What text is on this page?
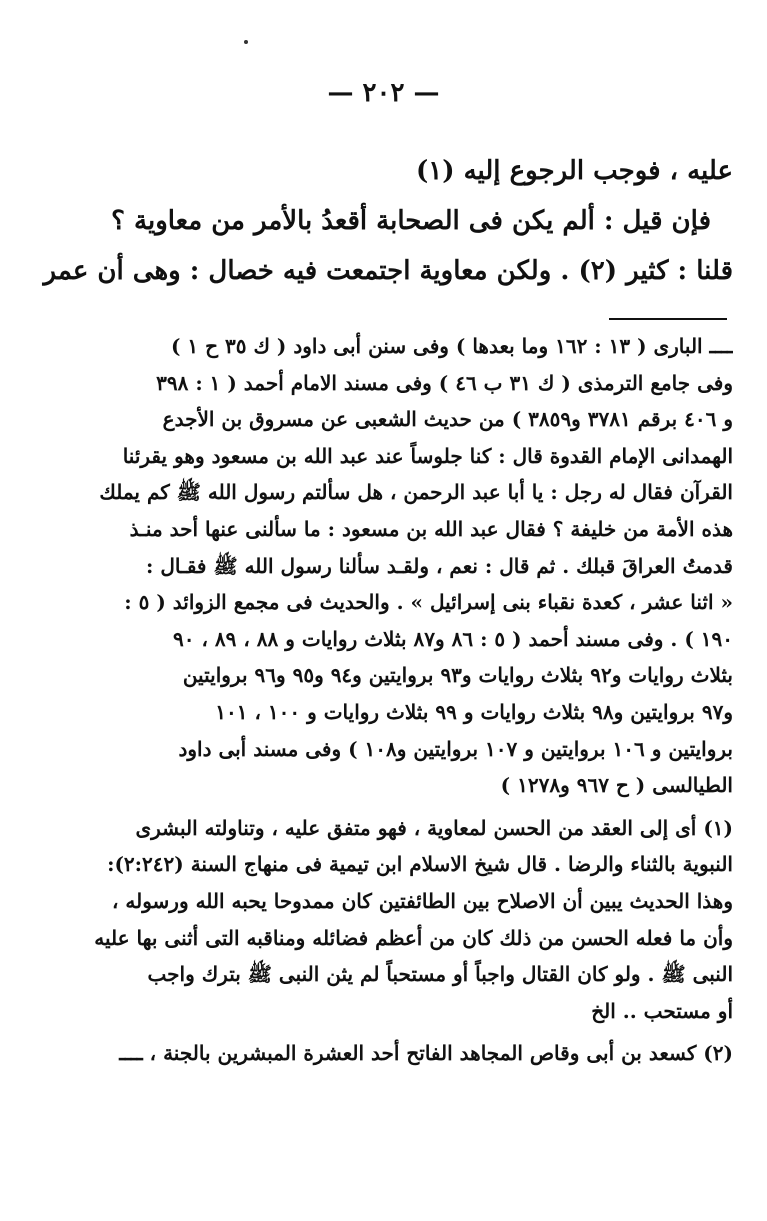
— ٢٠٢ —
عليه ، فوجب الرجوع إليه (١)
فإن قيل : ألم يكن فى الصحابة أقعدُ بالأمر من معاوية ؟
قلنا : كثير (٢) . ولكن معاوية اجتمعت فيه خصال : وهى أن عمر
ــــ البارى ( ١٣ : ١٦٢ وما بعدها ) وفى سنن أبى داود ( ك ٣٥ ح ١ )
وفى جامع الترمذى ( ك ٣١ ب ٤٦ ) وفى مسند الامام أحمد ( ١ : ٣٩٨
و ٤٠٦ برقم ٣٧٨١ و٣٨٥٩ ) من حديث الشعبى عن مسروق بن الأجدع
الهمدانى الإمام القدوة قال : كنا جلوساً عند عبد الله بن مسعود وهو يقرئنا
القرآن فقال له رجل : يا أبا عبد الرحمن ، هل سألتم رسول الله ﷺ كم يملك
هذه الأمة من خليفة ؟ فقال عبد الله بن مسعود : ما سألنى عنها أحد منـذ
قدمتُ العراقَ قبلك . ثم قال : نعم ، ولقـد سألنا رسول الله ﷺ فقـال :
« اثنا عشر ، كعدة نقباء بنى إسرائيل » . والحديث فى مجمع الزوائد ( ٥ :
١٩٠ ) . وفى مسند أحمد ( ٥ : ٨٦ و٨٧ بثلاث روايات و ٨٨ ، ٨٩ ، ٩٠
بثلاث روايات و٩٢ بثلاث روايات و٩٣ بروايتين و٩٤ و٩٥ و٩٦ بروايتين
و٩٧ بروايتين و٩٨ بثلاث روايات و ٩٩ بثلاث روايات و ١٠٠ ، ١٠١
بروايتين و ١٠٦ بروايتين و ١٠٧ بروايتين و١٠٨ ) وفى مسند أبى داود
الطيالسى ( ح ٩٦٧ و١٢٧٨ )
(١) أى إلى العقد من الحسن لمعاوية ، فهو متفق عليه ، وتناولته البشرى
النبوية بالثناء والرضا . قال شيخ الاسلام ابن تيمية فى منهاج السنة (٢:٢٤٢):
وهذا الحديث يبين أن الاصلاح بين الطائفتين كان ممدوحا يحبه الله ورسوله ،
وأن ما فعله الحسن من ذلك كان من أعظم فضائله ومناقبه التى أثنى بها عليه
النبى ﷺ . ولو كان القتال واجباً أو مستحباً لم يثن النبى ﷺ بترك واجب
أو مستحب .. الخ
(٢) كسعد بن أبى وقاص المجاهد الفاتح أحد العشرة المبشرين بالجنة ، ــــ
